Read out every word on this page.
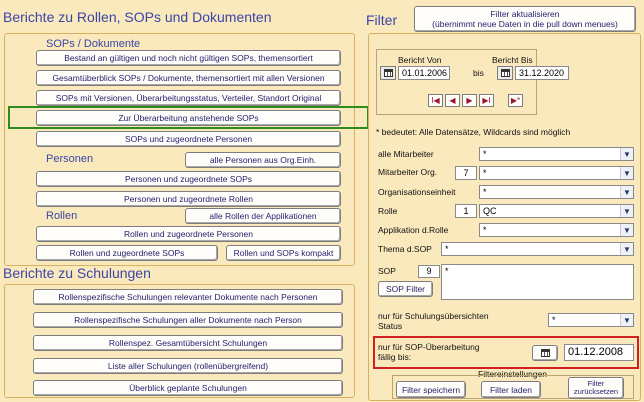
Berichte zu Rollen, SOPs und Dokumenten
SOPs / Dokumente
Bestand an gültigen und noch nicht gültigen SOPs, themensortiert
Gesamtüberblick SOPs / Dokumente, themensortiert mit allen Versionen
SOPs mit Versionen, Überarbeitungsstatus, Verteiler, Standort Original
Zur Überarbeitung anstehende SOPs
SOPs und zugeordnete Personen
Personen	alle Personen aus Org.Einh.
Personen und zugeordnete SOPs
Personen und zugeordnete Rollen
Rollen	alle Rollen der Applikationen
Rollen und zugeordnete Personen
Rollen und zugeordnete SOPs	Rollen und SOPs kompakt
Berichte zu Schulungen
Rollenspezifische Schulungen relevanter Dokumente nach Personen
Rollenspezifische Schulungen aller Dokumente nach Person
Rollenspez. Gesamtübersicht Schulungen
Liste aller Schulungen (rollenübergreifend)
Überblick geplante Schulungen
Filter	Filter aktualisieren
(übernimmt neue Daten in die pull down menues)
Bericht Von	Bericht Bis
01.01.2006	bis	31.12.2020
I◀	◀	▶	▶I	▶*
* bedeutet: Alle Datensätze, Wildcards sind möglich
alle Mitarbeiter	*	▼
Mitarbeiter Org.	7	*	▼
Organisationseinheit	*	▼
Rolle	1	QC	▼
Applikation d.Rolle	*	▼
Thema d.SOP *	▼
SOP	9	*
SOP Filter
nur für Schulungsübersichten
Status
*	▼
nur für SOP-Überarbeitung
fällig bis:	01.12.2008
Filtereinstellungen
Filter speichern	Filter laden
Filter
zurücksetzen
